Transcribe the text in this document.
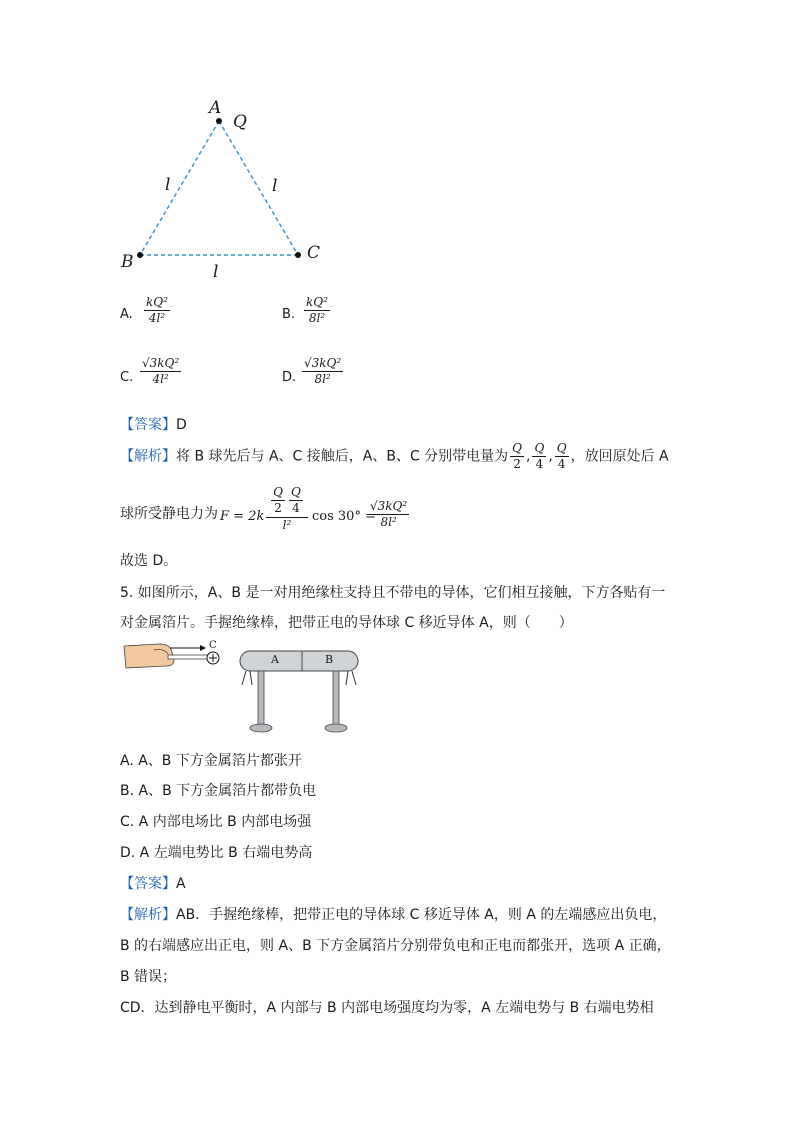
A
Q
B	C
l	l
l
A. $\frac{\text{kQ²}}{\text{4l²}}$	B. $\frac{\text{kQ²}}{\text{8l²}}$
C. $\frac{\text{√3kQ²}}{\text{4l²}}$	D. $\frac{\text{√3kQ²}}{\text{8l²}}$
【答案】D
【解析】将 B 球先后与 A、C 接触后，A、B、C 分别带电量为 $\frac{Q}{2}$ , $\frac{Q}{4}$ , $\frac{Q}{4}$ ，放回原处后 A
球所受静电力为 F = 2k
$\frac{Q}{2} \frac{Q}{4}$
l²
cos 30° =
$\frac{\text{√3kQ²}}{\text{8l²}}$
故选 D。
5. 如图所示，A、B 是一对用绝缘柱支持且不带电的导体，它们相互接触，下方各贴有一
对金属箔片。手握绝缘棒，把带正电的导体球 C 移近导体 A，则（　　）
C
A	B
A. A、B 下方金属箔片都张开
B. A、B 下方金属箔片都带负电
C. A 内部电场比 B 内部电场强
D. A 左端电势比 B 右端电势高
【答案】A
【解析】AB．手握绝缘棒，把带正电的导体球 C 移近导体 A，则 A 的左端感应出负电，
B 的右端感应出正电，则 A、B 下方金属箔片分别带负电和正电而都张开，选项 A 正确，
B 错误；
CD．达到静电平衡时，A 内部与 B 内部电场强度均为零，A 左端电势与 B 右端电势相
